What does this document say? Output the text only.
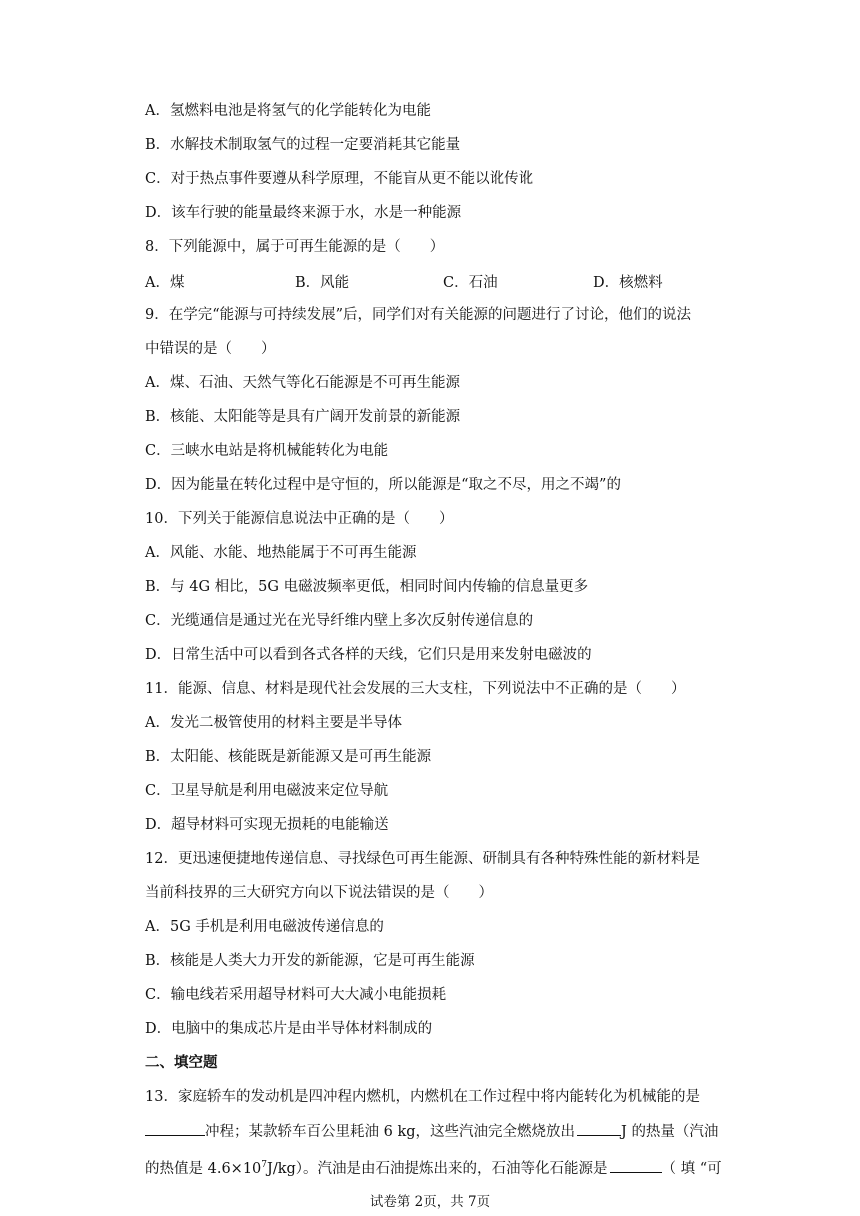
A．氢燃料电池是将氢气的化学能转化为电能
B．水解技术制取氢气的过程一定要消耗其它能量
C．对于热点事件要遵从科学原理，不能盲从更不能以讹传讹
D．该车行驶的能量最终来源于水，水是一种能源
8．下列能源中，属于可再生能源的是（　　）
A．煤	B．风能	C．石油	D．核燃料
9．在学完“能源与可持续发展”后，同学们对有关能源的问题进行了讨论，他们的说法
中错误的是（　　）
A．煤、石油、天然气等化石能源是不可再生能源
B．核能、太阳能等是具有广阔开发前景的新能源
C．三峡水电站是将机械能转化为电能
D．因为能量在转化过程中是守恒的，所以能源是“取之不尽，用之不竭”的
10．下列关于能源信息说法中正确的是（　　）
A．风能、水能、地热能属于不可再生能源
B．与 4G 相比，5G 电磁波频率更低，相同时间内传输的信息量更多
C．光缆通信是通过光在光导纤维内壁上多次反射传递信息的
D．日常生活中可以看到各式各样的天线，它们只是用来发射电磁波的
11．能源、信息、材料是现代社会发展的三大支柱，下列说法中不正确的是（　　）
A．发光二极管使用的材料主要是半导体
B．太阳能、核能既是新能源又是可再生能源
C．卫星导航是利用电磁波来定位导航
D．超导材料可实现无损耗的电能输送
12．更迅速便捷地传递信息、寻找绿色可再生能源、研制具有各种特殊性能的新材料是
当前科技界的三大研究方向以下说法错误的是（　　）
A．5G 手机是利用电磁波传递信息的
B．核能是人类大力开发的新能源，它是可再生能源
C．输电线若采用超导材料可大大减小电能损耗
D．电脑中的集成芯片是由半导体材料制成的
二、填空题
13．家庭轿车的发动机是四冲程内燃机，内燃机在工作过程中将内能转化为机械能的是
冲程；某款轿车百公里耗油 6 kg，这些汽油完全燃烧放出	J 的热量（汽油
的热值是 $4.6\times 10^7J/kg$）。汽油是由石油提炼出来的，石油等化石能源是	（ 填 “可
试卷第 2页，共 7页
